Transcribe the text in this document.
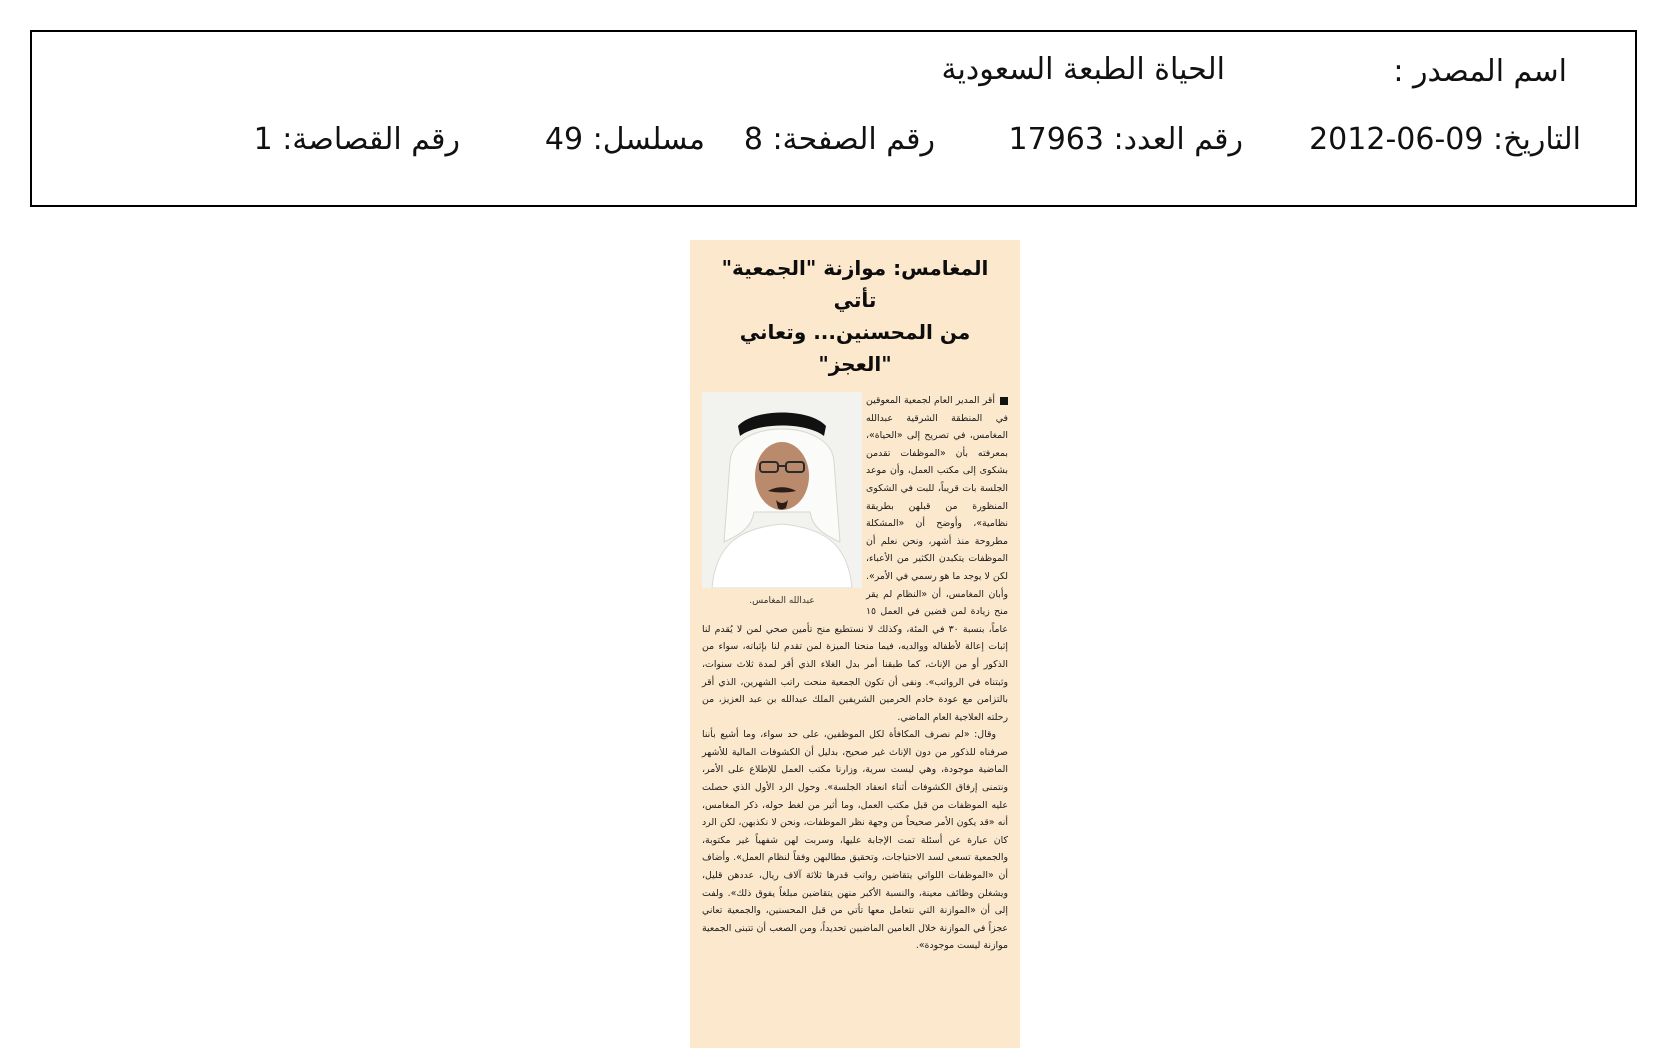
اسم المصدر :
الحياة الطبعة السعودية
التاريخ: 09-06-2012
رقم العدد: 17963
رقم الصفحة: 8
مسلسل: 49
رقم القصاصة: 1
المغامس: موازنة "الجمعية" تأتي
من المحسنين... وتعاني "العجز"
عبدالله المغامس.

أقر المدير العام لجمعية المعوقين في المنطقة الشرقية عبدالله المغامس، في تصريح إلى «الحياة»، بمعرفته بأن «الموظفات تقدمن بشكوى إلى مكتب العمل، وأن موعد الجلسة بات قريباً، للبت في الشكوى المنظورة من قبلهن بطريقة نظامية»، وأوضح أن «المشكلة مطروحة منذ أشهر، ونحن نعلم أن الموظفات يتكبدن الكثير من الأعباء، لكن لا يوجد ما هو رسمي في الأمر». وأبان المغامس، أن «النظام لم يقر منح زيادة لمن قضين في العمل ١٥ عاماً، بنسبة ٣٠ في المئة، وكذلك لا نستطيع منح تأمين صحي لمن لا يُقدم لنا إثبات إعالة لأطفاله ووالديه، فيما منحنا الميزة لمن تقدم لنا بإثباته، سواء من الذكور أو من الإناث، كما طبقنا أمر بدل الغلاء الذي أقر لمدة ثلاث سنوات، وثبتناه في الرواتب». ونفى أن تكون الجمعية منحت راتب الشهرين، الذي أقر بالتزامن مع عودة خادم الحرمين الشريفين الملك عبدالله بن عبد العزيز، من رحلته العلاجية العام الماضي.

وقال: «لم نصرف المكافأة لكل الموظفين، على حد سواء، وما أشيع بأننا صرفناه للذكور من دون الإناث غير صحيح، بدليل أن الكشوفات المالية للأشهر الماضية موجودة، وهي ليست سرية، وزارنا مكتب العمل للإطلاع على الأمر، ونتمنى إرفاق الكشوفات أثناء انعقاد الجلسة». وحول الرد الأول الذي حصلت عليه الموظفات من قبل مكتب العمل، وما أثير من لغط حوله، ذكر المغامس، أنه «قد يكون الأمر صحيحاً من وجهة نظر الموظفات، ونحن لا نكذبهن، لكن الرد كان عبارة عن أسئلة تمت الإجابة عليها، وسربت لهن شفهياً غير مكتوبة، والجمعية تسعى لسد الاحتياجات، وتحقيق مطالبهن وفقاً لنظام العمل». وأضاف أن «الموظفات اللواتي يتقاضين رواتب قدرها ثلاثة آلاف ريال، عددهن قليل، ويشغلن وظائف معينة، والنسبة الأكبر منهن يتقاضين مبلغاً يفوق ذلك». ولفت إلى أن «الموازنة التي نتعامل معها تأتي من قبل المحسنين، والجمعية تعاني عجزاً في الموازنة خلال العامين الماضيين تحديداً، ومن الصعب أن تتبنى الجمعية موازنة ليست موجودة».
